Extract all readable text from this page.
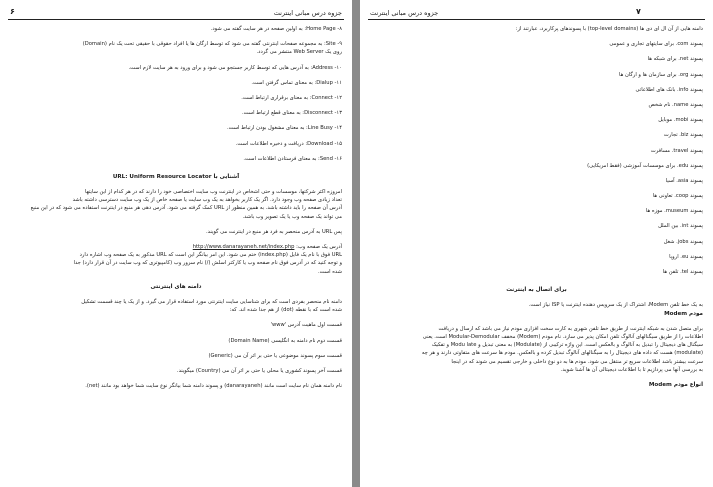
۶	جزوه درس مبانی اینترنت
۸- Home Page: به اولین صفحه در هر سایت گفته می شود.
۹- Site: به مجموعه صفحات اینترنتی گفته می شود که توسط ارگان ها یا افراد حقوقی با حقیقی تحت یک نام (Domain)
روی یک Web Server منتشر می گردد.
۱۰- Address: به آدرس هایی که توسط کاربر جستجو می شود و برای ورود به هر سایت لازم است.
۱۱- Dialup: به معنای تماس گرفتن است.
۱۲- Connect: به معنای برقراری ارتباط است.
۱۳- Disconnect: به معنای قطع ارتباط است.
۱۴- Line Busy: به معنای مشغول بودن ارتباط است.
۱۵- Download: دریافت و ذخیره اطلاعات است.
۱۶- Send: به معنای فرستادن اطلاعات است.
آشنایی با URL: Uniform Resource Locator
امروزه اکثر شرکتها، موسسات و حتی اشخاص در اینترنت وب سایت اختصاصی خود را دارند که در هر کدام از این سایتها
تعداد زیادی صفحه وب وجود دارد. اگر یک کاربر بخواهد به یک وب سایت یا صفحه خاص از یک وب سایت دسترسی داشته باشد
آدرس آن صفحه را باید داشته باشد. به همین منظور از URL کمک گرفته می شود. آدرس دهی هر منبع در اینترنت استفاده می شود که در این منبع
می تواند یک صفحه وب یا یک تصویر وب باشد.
پس URL به آدرس منحصر به فرد هر منبع در اینترنت می گویند.
آدرس یک صفحه وب: http://www.danarayaneh.net/index.php
URL فوق با نام یک فایل (index.php) ختم می شود. این امر بیانگر این است که URL مذکور به یک صفحه وب اشاره دارد
و توجه کنید که در آدرس فوق نام صفحه وب یا کارکتر اسلش (/) نام سرور وب (کامپیوتری که وب سایت در آن قرار دارد) جدا
شده است.
دامنه های اینترنتی
دامنه نام منحصر بفردی است که برای شناسایی سایت اینترنتی مورد استفاده قرار می گیرد. و از یک یا چند قسمت تشکیل
شده است که با نقطه (dot) از هم جدا شده اند. که:
قسمت اول ماهیت آدرس 'www'
قسمت دوم نام دامنه به انگلیسی (Domain Name)
قسمت سوم پسوند موضوعی یا حتی بر اثر آن می (Generic)
قسمت آخر پسوند کشوری یا محلی یا حتی بر اثر آن می (Country) میگویند.
نام دامنه همان نام سایت است مانند (danarayaneh) و پسوند دامنه شما بیانگر نوع سایت شما خواهد بود مانند (net).
۷
جزوه درس مبانی اینترنت
دامنه هایی از آن ال ای دی ها (top-level domains) با پسوندهای پرکاربرد، عبارتند از:
پسوند com. برای سایتهای تجاری و عمومی
پسوند net. برای شبکه ها
پسوند org. برای سازمان ها و ارگان ها
پسوند info. بانک های اطلاعاتی
پسوند name. نام شخص
پسوند mobi. موبایل
پسوند biz. تجارت
پسوند travel. مسافرت
پسوند edu. برای موسسات آموزشی (فقط امریکایی)
پسوند asia. آسیا
پسوند coop. تعاونی ها
پسوند museum. موزه ها
پسوند int. بین الملل
پسوند jobs. شغل
پسوند eu. اروپا
پسوند tel. تلفن ها
برای اتصال به اینترنت
به یک خط تلفن Modem، اشتراک از یک سرویس دهنده اینترنت یا ISP نیاز است.
مودم Modem
برای متصل شدن به شبکه اینترنت از طریق خط تلفن شهری به کارت سخت افزاری مودم نیاز می باشد که ارسال و دریافت
اطلاعات را از طریق سیگنالهای آنالوگ تلفن امکان پذیر می سازد. نام مودم (Modem) مخفف Modular-Demodular است. یعنی
سیگنال های دیجیتال را تبدیل به آنالوگ و بالعکس است. این واژه ترکیبی از (Modulate) به معنی تبدیل و Modu late و تفکیک
(modulate) هست که داده های دیجیتال را به سیگنالهای آنالوگ تبدیل کرده و بالعکس. مودم ها سرعت های متفاوتی دارند و هر چه
سرعت بیشتر باشد اطلاعات سریع تر منتقل می شود. مودم ها به دو نوع داخلی و خارجی تقسیم می شوند که در اینجا
به بررسی آنها می پردازیم تا با اطلاعات دیجیتالی آن ها آشنا شوید.
انواع مودم Modem
